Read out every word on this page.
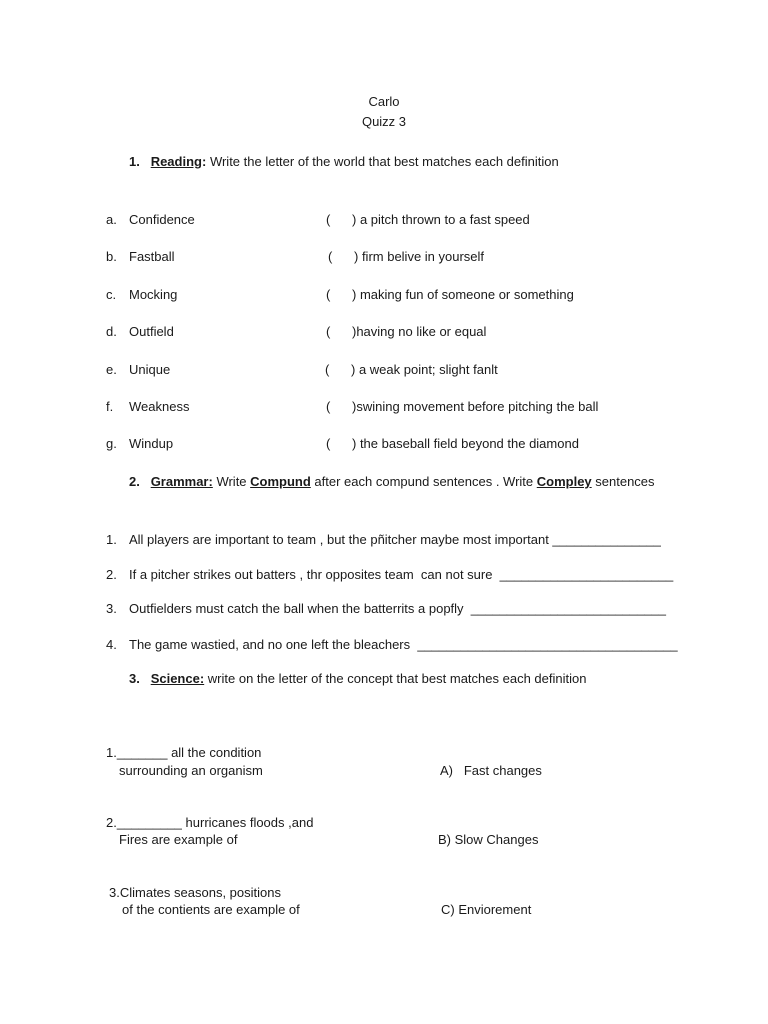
Carlo
Quizz 3
1. Reading: Write the letter of the world that best matches each definition
a. Confidence	( ) a pitch thrown to a fast speed
b. Fastball	( ) firm belive in yourself
c. Mocking	( ) making fun of someone or something
d. Outfield	( )having no like or equal
e. Unique	( ) a weak point; slight fanlt
f. Weakness	( )swining movement before pitching the ball
g. Windup	( ) the baseball field beyond the diamond
2. Grammar: Write Compund after each compund sentences . Write Compley sentences
1. All players are important to team , but the pñitcher maybe most important _______________
2. If a pitcher strikes out batters , thr opposites team  can not sure  ________________________
3. Outfielders must catch the ball when the batterrits a popfly  ___________________________
4. The game wastied, and no one left the bleachers  ____________________________________
3. Science: write on the letter of the concept that best matches each definition
1._______ all the condition
surrounding an organism	A)   Fast changes
2._________ hurricanes floods ,and
Fires are example of	B) Slow Changes
3.Climates seasons, positions
of the contients are example of	C) Enviorement
